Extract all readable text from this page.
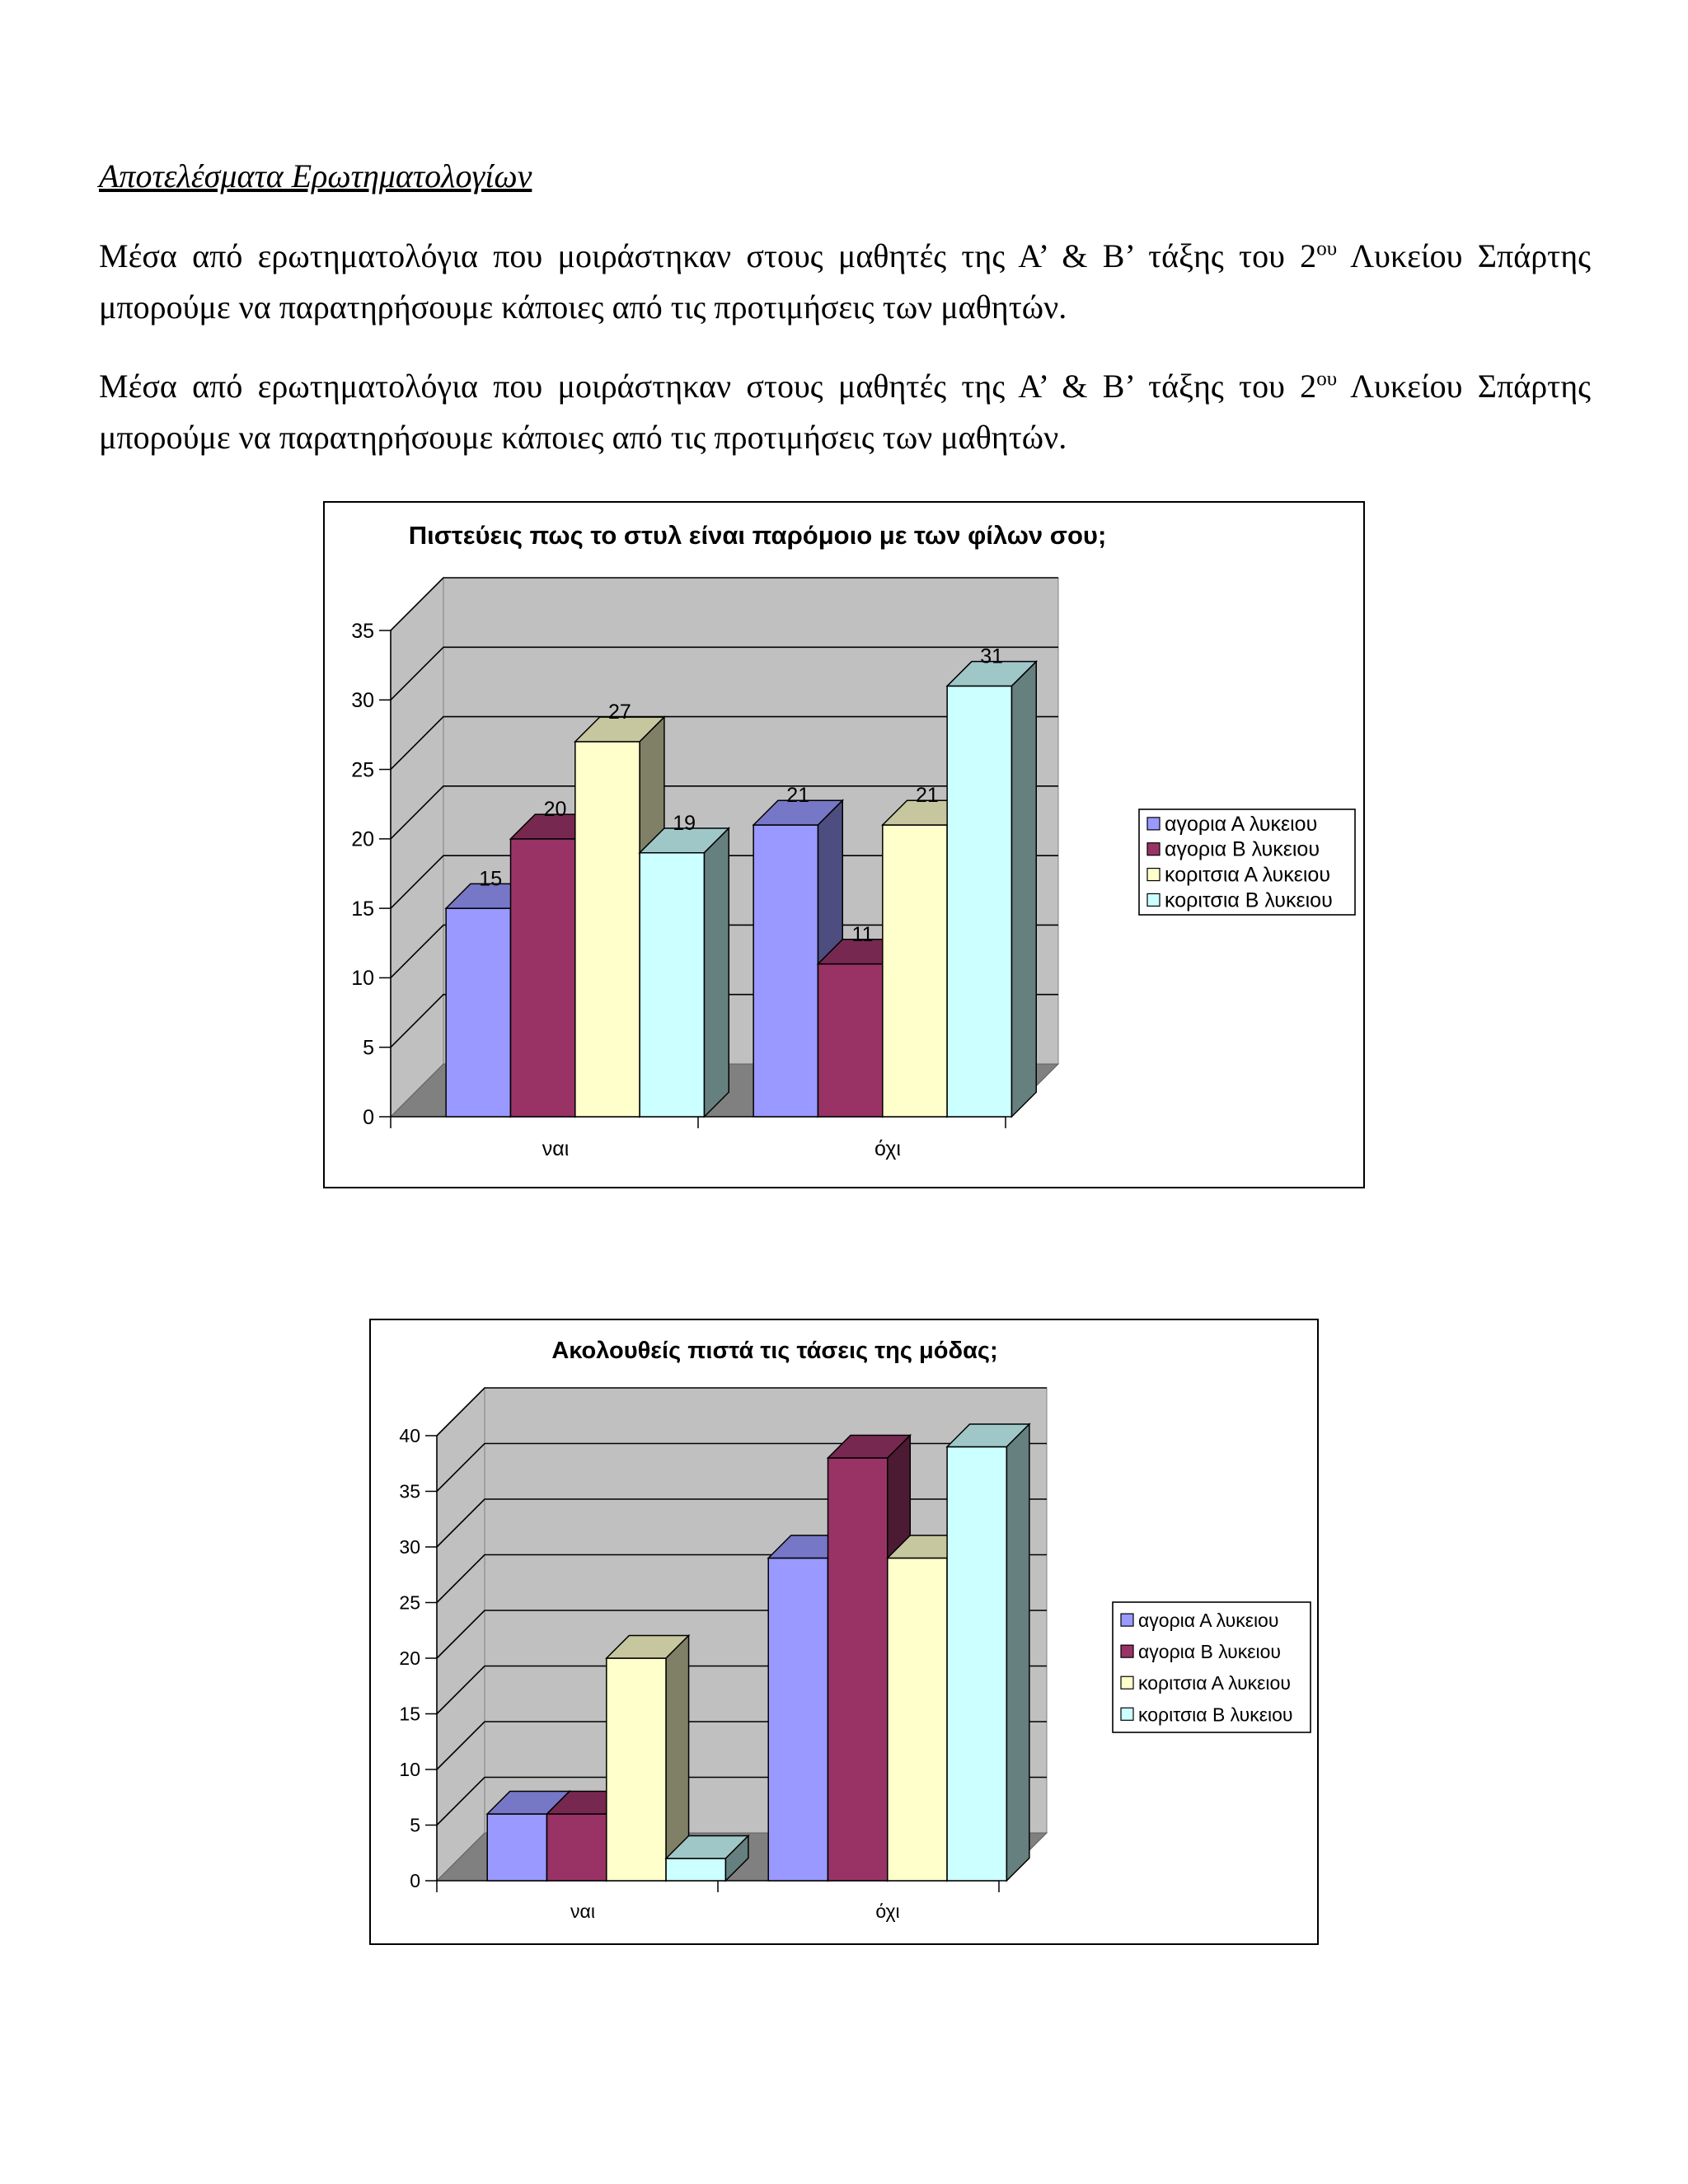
Αποτελέσματα Ερωτηματολογίων

Μέσα από ερωτηματολόγια που μοιράστηκαν στους μαθητές της Α’ & Β’ τάξης του $2^{o\upsilon}$ Λυκείου Σπάρτης μπορούμε να παρατηρήσουμε κάποιες από τις προτιμήσεις των μαθητών.

Μέσα από ερωτηματολόγια που μοιράστηκαν στους μαθητές της Α’ & Β’ τάξης του $2^{o\upsilon}$ Λυκείου Σπάρτης μπορούμε να παρατηρήσουμε κάποιες από τις προτιμήσεις των μαθητών.

Πιστεύεις πως το στυλ είναι παρόμοιο με των φίλων σου;
0
5
10
15
20
25
30
35
ναι	όχι
15
20
27
19
21
11
21
31
αγορια Α λυκειου
αγορια Β λυκειου
κοριτσια Α λυκειου
κοριτσια Β λυκειου
Ακολουθείς πιστά τις τάσεις της μόδας;
0
5
10
15
20
25
30
35
40
ναι	όχι
αγορια Α λυκειου
αγορια Β λυκειου
κοριτσια Α λυκειου
κοριτσια Β λυκειου
